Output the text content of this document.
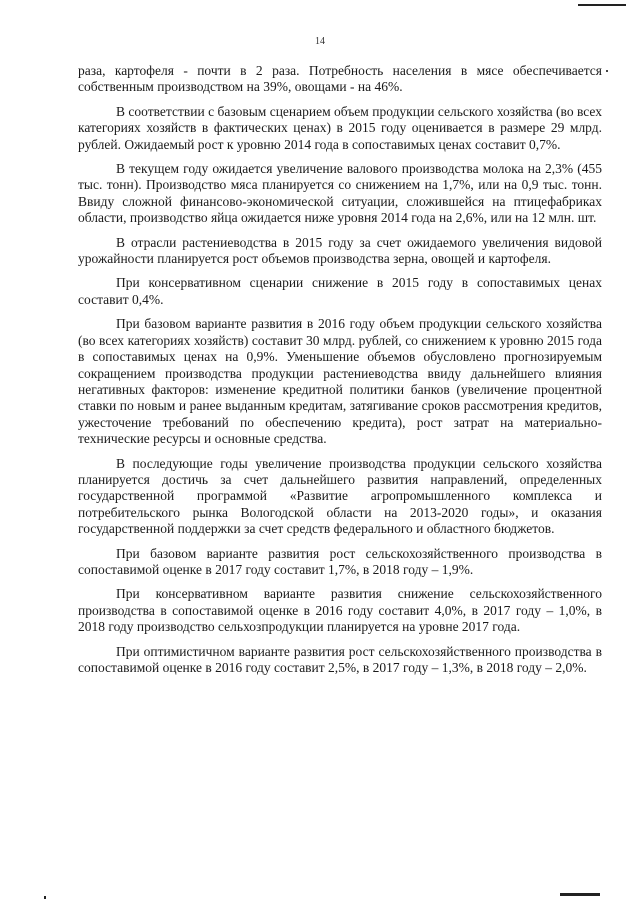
14

раза, картофеля - почти в 2 раза. Потребность населения в мясе обеспечивается собственным производством на 39%, овощами - на 46%.

В соответствии с базовым сценарием объем продукции сельского хозяйства (во всех категориях хозяйств в фактических ценах) в 2015 году оценивается в размере 29 млрд. рублей. Ожидаемый рост к уровню 2014 года в сопоставимых ценах составит 0,7%.

В текущем году ожидается увеличение валового производства молока на 2,3% (455 тыс. тонн). Производство мяса планируется со снижением на 1,7%, или на 0,9 тыс. тонн. Ввиду сложной финансово-экономической ситуации, сложившейся на птицефабриках области, производство яйца ожидается ниже уровня 2014 года на 2,6%, или на 12 млн. шт.

В отрасли растениеводства в 2015 году за счет ожидаемого увеличения видовой урожайности планируется рост объемов производства зерна, овощей и картофеля.

При консервативном сценарии снижение в 2015 году в сопоставимых ценах составит 0,4%.

При базовом варианте развития в 2016 году объем продукции сельского хозяйства (во всех категориях хозяйств) составит 30 млрд. рублей, со снижением к уровню 2015 года в сопоставимых ценах на 0,9%. Уменьшение объемов обусловлено прогнозируемым сокращением производства продукции растениеводства ввиду дальнейшего влияния негативных факторов: изменение кредитной политики банков (увеличение процентной ставки по новым и ранее выданным кредитам, затягивание сроков рассмотрения кредитов, ужесточение требований по обеспечению кредита), рост затрат на материально-технические ресурсы и основные средства.

В последующие годы увеличение производства продукции сельского хозяйства планируется достичь за счет дальнейшего развития направлений, определенных государственной программой «Развитие агропромышленного комплекса и потребительского рынка Вологодской области на 2013-2020 годы», и оказания государственной поддержки за счет средств федерального и областного бюджетов.

При базовом варианте развития рост сельскохозяйственного производства в сопоставимой оценке в 2017 году составит 1,7%, в 2018 году – 1,9%.

При консервативном варианте развития снижение сельскохозяйственного производства в сопоставимой оценке в 2016 году составит 4,0%, в 2017 году – 1,0%, в 2018 году производство сельхозпродукции планируется на уровне 2017 года.

При оптимистичном варианте развития рост сельскохозяйственного производства в сопоставимой оценке в 2016 году составит 2,5%, в 2017 году – 1,3%, в 2018 году – 2,0%.
